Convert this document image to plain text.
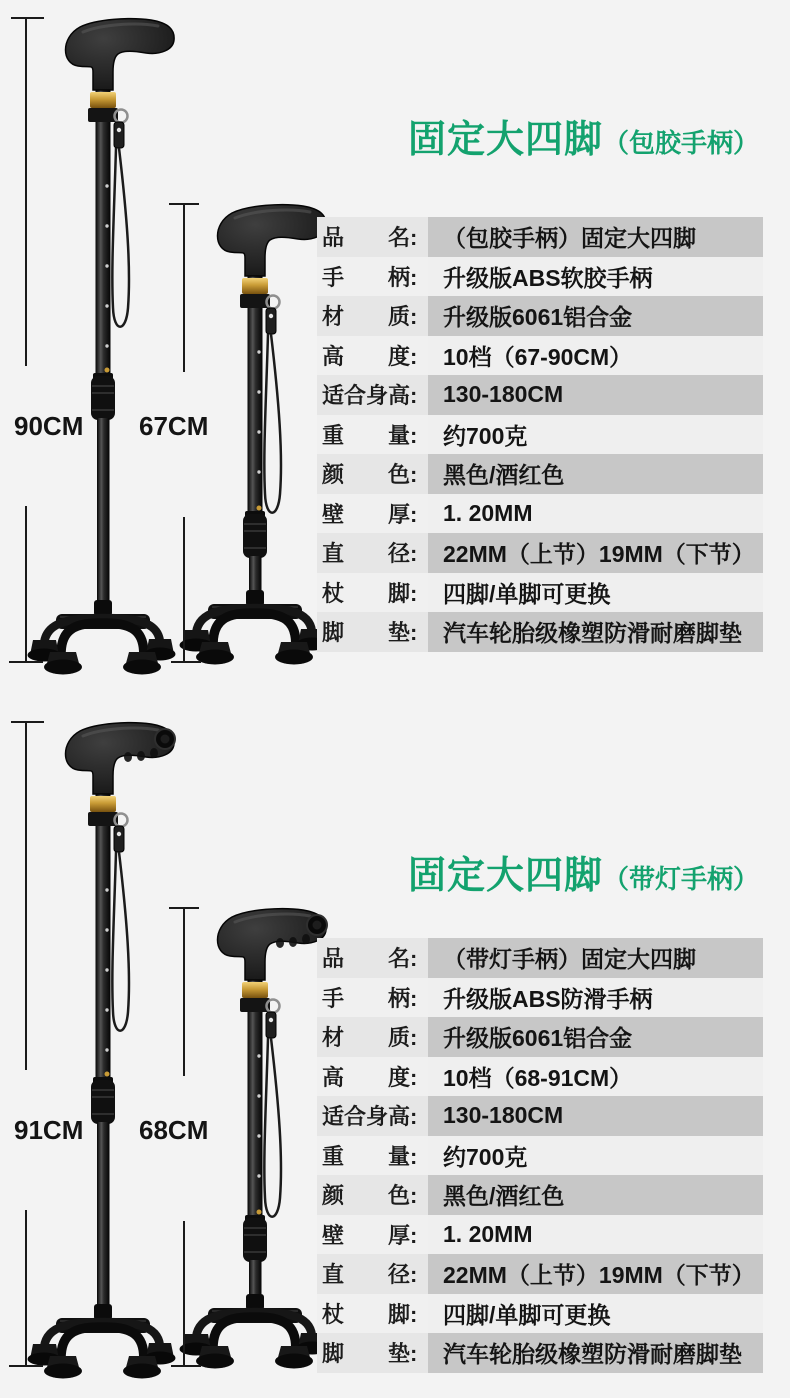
90CM 67CM
固定大四脚（包胶手柄）
品　　名:	（包胶手柄）固定大四脚
手　　柄:	升级版ABS软胶手柄
材　　质:	升级版6061铝合金
高　　度:	10档（67-90CM）
适合身高:	130-180CM
重　　量:	约700克
颜　　色:	黑色/酒红色
壁　　厚:	1. 20MM
直　　径:	22MM（上节）19MM（下节）
杖　　脚:	四脚/单脚可更换
脚　　垫:	汽车轮胎级橡塑防滑耐磨脚垫
91CM 68CM
固定大四脚（带灯手柄）
品　　名:	（带灯手柄）固定大四脚
手　　柄:	升级版ABS防滑手柄
材　　质:	升级版6061铝合金
高　　度:	10档（68-91CM）
适合身高:	130-180CM
重　　量:	约700克
颜　　色:	黑色/酒红色
壁　　厚:	1. 20MM
直　　径:	22MM（上节）19MM（下节）
杖　　脚:	四脚/单脚可更换
脚　　垫:	汽车轮胎级橡塑防滑耐磨脚垫
